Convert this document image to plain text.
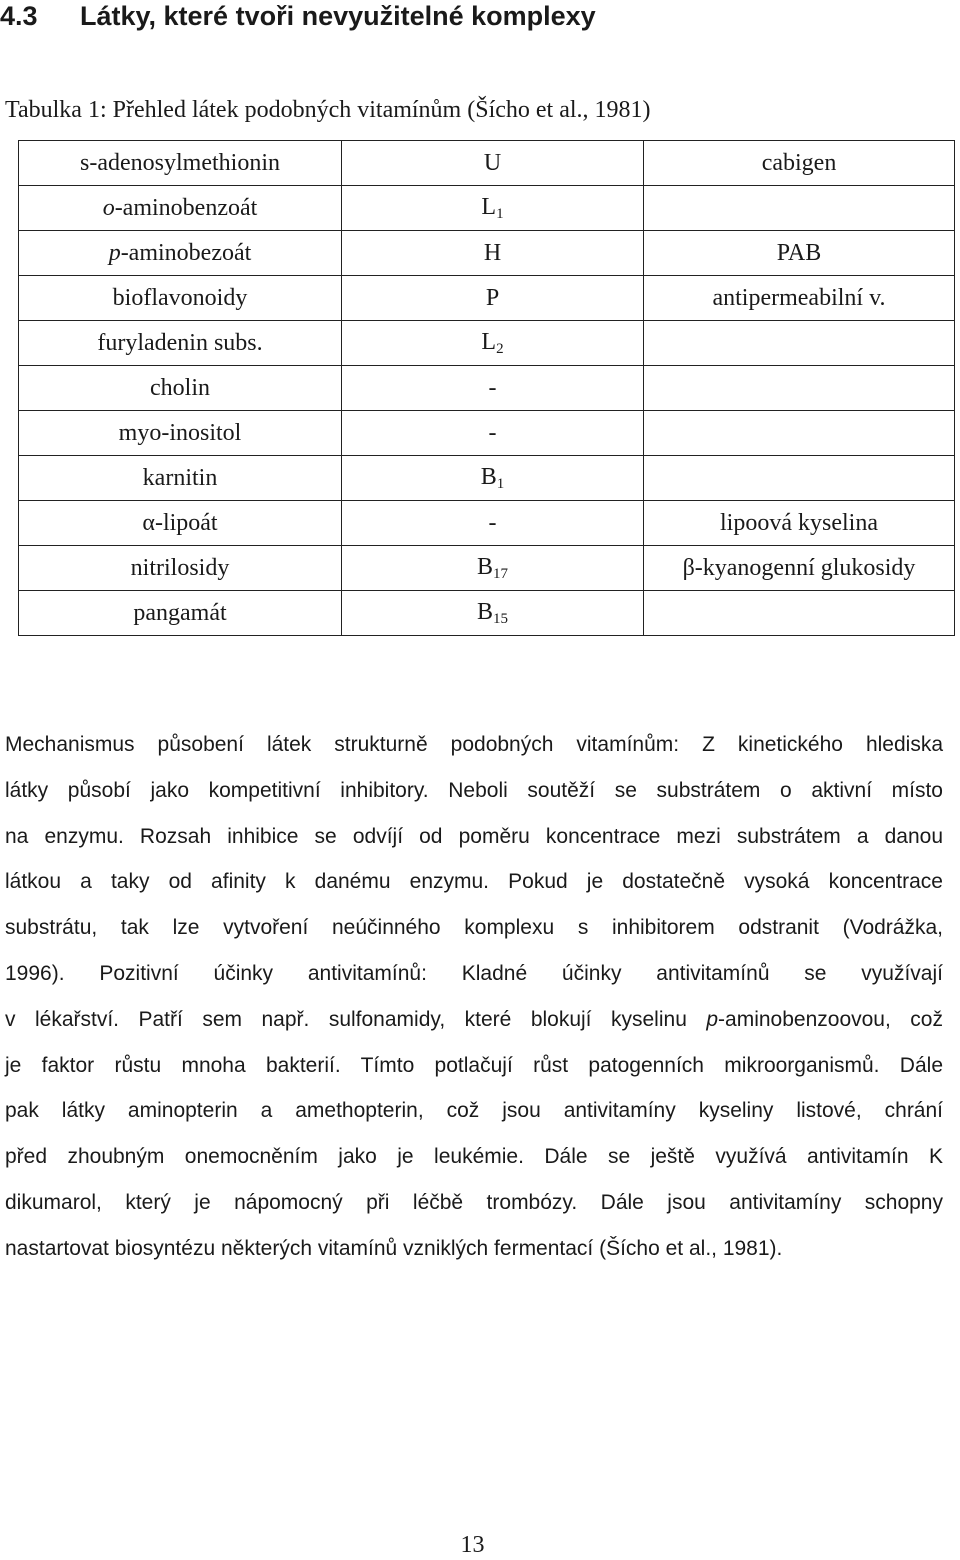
4.3 Látky, které tvoři nevyužitelné komplexy
Tabulka 1: Přehled látek podobných vitamínům (Šícho et al., 1981)
s-adenosylmethionin	U	cabigen
o-aminobenzoát	$L_1$	
p-aminobezoát	H	PAB
bioflavonoidy	P	antipermeabilní v.
furyladenin subs.	$L_2$	
cholin	-	
myo-inositol	-	
karnitin	$B_1$	
α-lipoát	-	lipoová kyselina
nitrilosidy	$B_{17}$	β-kyanogenní glukosidy
pangamát	$B_{15}$	
Mechanismus působení látek strukturně podobných vitamínům: Z kinetického hlediska
látky působí jako kompetitivní inhibitory. Neboli soutěží se substrátem o aktivní místo
na enzymu. Rozsah inhibice se odvíjí od poměru koncentrace mezi substrátem a danou
látkou a taky od afinity k danému enzymu. Pokud je dostatečně vysoká koncentrace
substrátu, tak lze vytvoření neúčinného komplexu s inhibitorem odstranit (Vodrážka,
1996). Pozitivní účinky antivitamínů: Kladné účinky antivitamínů se využívají
v lékařství. Patří sem např. sulfonamidy, které blokují kyselinu p-aminobenzoovou, což
je faktor růstu mnoha bakterií. Tímto potlačují růst patogenních mikroorganismů. Dále
pak látky aminopterin a amethopterin, což jsou antivitamíny kyseliny listové, chrání
před zhoubným onemocněním jako je leukémie. Dále se ještě využívá antivitamín K
dikumarol, který je nápomocný při léčbě trombózy. Dále jsou antivitamíny schopny
nastartovat biosyntézu některých vitamínů vzniklých fermentací (Šícho et al., 1981).
13
